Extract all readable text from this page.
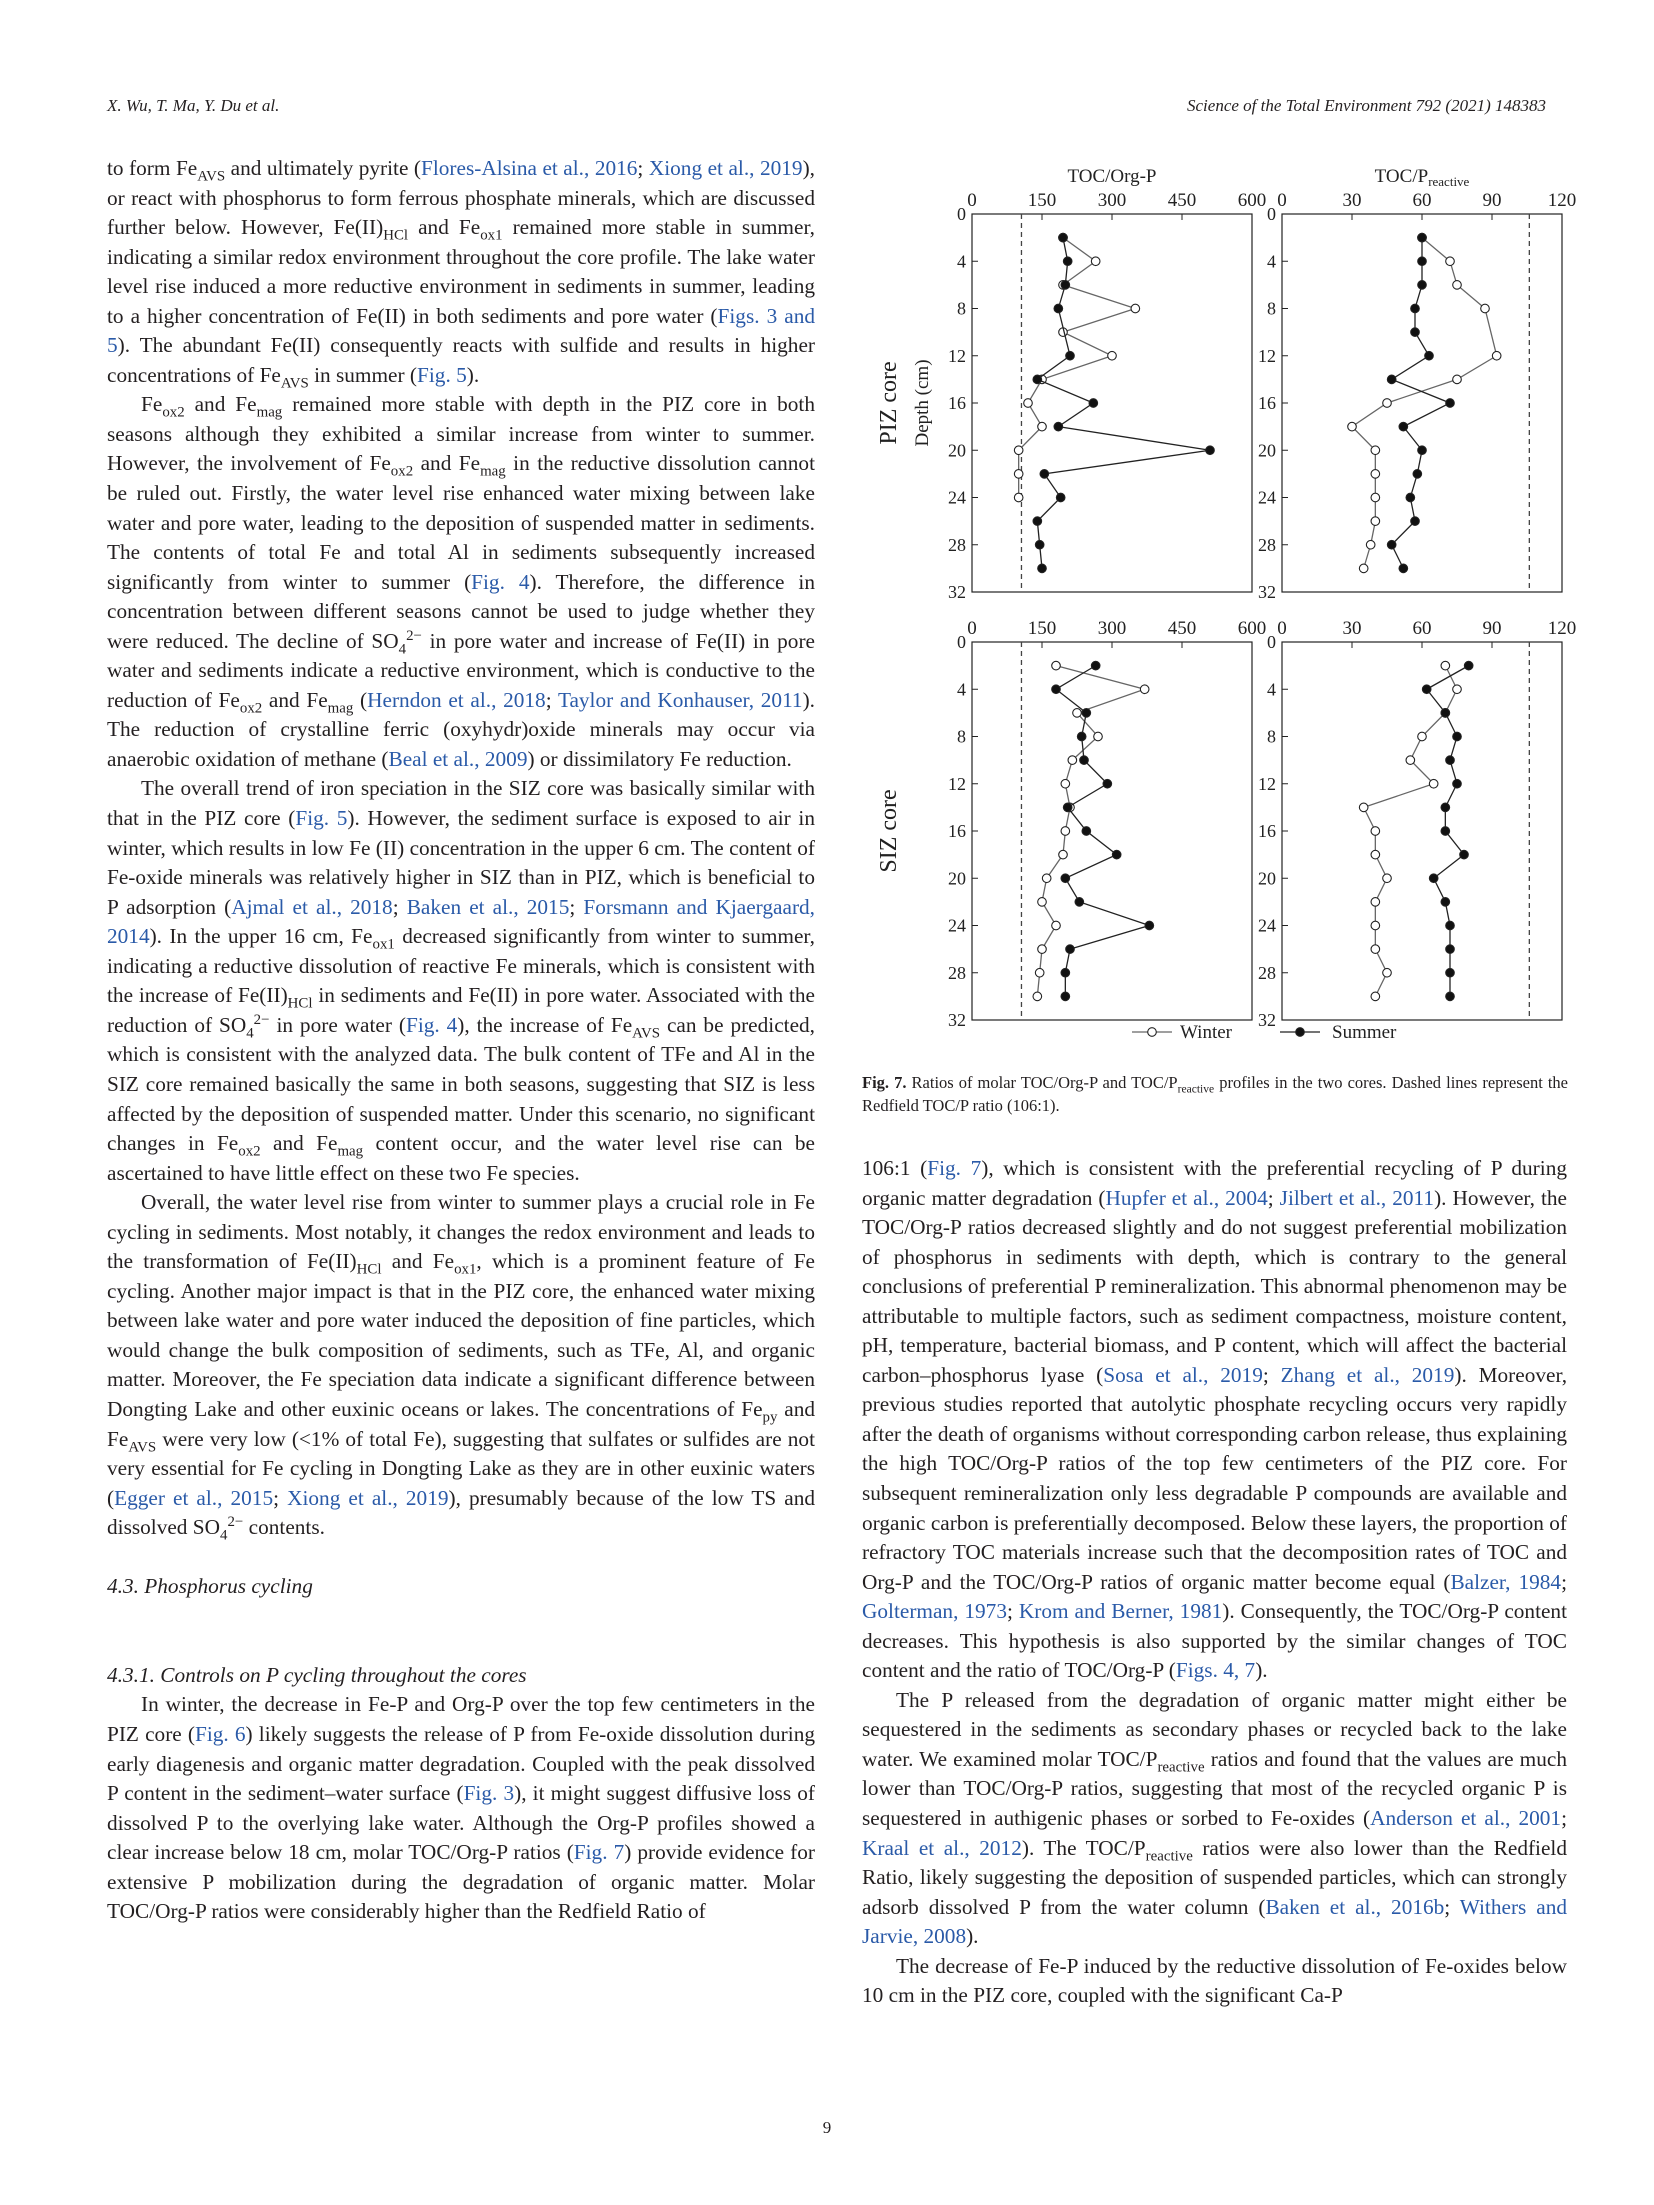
X. Wu, T. Ma, Y. Du et al.	Science of the Total Environment 792 (2021) 148383

to form $Fe_{AVS}$ and ultimately pyrite (Flores-Alsina et al., 2016; Xiong et al., 2019), or react with phosphorus to form ferrous phosphate minerals, which are discussed further below. However, $Fe(II)_{HCl}$ and $Fe_{ox1}$ remained more stable in summer, indicating a similar redox environment throughout the core profile. The lake water level rise induced a more reductive environment in sediments in summer, leading to a higher concentration of Fe(II) in both sediments and pore water (Figs. 3 and 5). The abundant Fe(II) consequently reacts with sulfide and results in higher concentrations of $Fe_{AVS}$ in summer (Fig. 5).

$Fe_{ox2}$ and $Fe_{mag}$ remained more stable with depth in the PIZ core in both seasons although they exhibited a similar increase from winter to summer. However, the involvement of $Fe_{ox2}$ and $Fe_{mag}$ in the reductive dissolution cannot be ruled out. Firstly, the water level rise enhanced water mixing between lake water and pore water, leading to the deposition of suspended matter in sediments. The contents of total Fe and total Al in sediments subsequently increased significantly from winter to summer (Fig. 4). Therefore, the difference in concentration between different seasons cannot be used to judge whether they were reduced. The decline of $SO_4^{2-}$ in pore water and increase of Fe(II) in pore water and sediments indicate a reductive environment, which is conductive to the reduction of $Fe_{ox2}$ and $Fe_{mag}$ (Herndon et al., 2018; Taylor and Konhauser, 2011). The reduction of crystalline ferric (oxyhydr)oxide minerals may occur via anaerobic oxidation of methane (Beal et al., 2009) or dissimilatory Fe reduction.

The overall trend of iron speciation in the SIZ core was basically similar with that in the PIZ core (Fig. 5). However, the sediment surface is exposed to air in winter, which results in low Fe (II) concentration in the upper 6 cm. The content of Fe-oxide minerals was relatively higher in SIZ than in PIZ, which is beneficial to P adsorption (Ajmal et al., 2018; Baken et al., 2015; Forsmann and Kjaergaard, 2014). In the upper 16 cm, $Fe_{ox1}$ decreased significantly from winter to summer, indicating a reductive dissolution of reactive Fe minerals, which is consistent with the increase of $Fe(II)_{HCl}$ in sediments and Fe(II) in pore water. Associated with the reduction of $SO_4^{2-}$ in pore water (Fig. 4), the increase of $Fe_{AVS}$ can be predicted, which is consistent with the analyzed data. The bulk content of TFe and Al in the SIZ core remained basically the same in both seasons, suggesting that SIZ is less affected by the deposition of suspended matter. Under this scenario, no significant changes in $Fe_{ox2}$ and $Fe_{mag}$ content occur, and the water level rise can be ascertained to have little effect on these two Fe species.

Overall, the water level rise from winter to summer plays a crucial role in Fe cycling in sediments. Most notably, it changes the redox environment and leads to the transformation of $Fe(II)_{HCl}$ and $Fe_{ox1}$, which is a prominent feature of Fe cycling. Another major impact is that in the PIZ core, the enhanced water mixing between lake water and pore water induced the deposition of fine particles, which would change the bulk composition of sediments, such as TFe, Al, and organic matter. Moreover, the Fe speciation data indicate a significant difference between Dongting Lake and other euxinic oceans or lakes. The concentrations of $Fe_{py}$ and $Fe_{AVS}$ were very low (<1% of total Fe), suggesting that sulfates or sulfides are not very essential for Fe cycling in Dongting Lake as they are in other euxinic waters (Egger et al., 2015; Xiong et al., 2019), presumably because of the low TS and dissolved $SO_4^{2-}$ contents.

4.3. Phosphorus cycling

4.3.1. Controls on P cycling throughout the cores

In winter, the decrease in Fe-P and Org-P over the top few centimeters in the PIZ core (Fig. 6) likely suggests the release of P from Fe-oxide dissolution during early diagenesis and organic matter degradation. Coupled with the peak dissolved P content in the sediment–water surface (Fig. 3), it might suggest diffusive loss of dissolved P to the overlying lake water. Although the Org-P profiles showed a clear increase below 18 cm, molar TOC/Org-P ratios (Fig. 7) provide evidence for extensive P mobilization during the degradation of organic matter. Molar TOC/Org-P ratios were considerably higher than the Redfield Ratio of

0	150 300 450 600
0
4
8
12
16
20
24
28
32
TOC/Org-P
Depth (cm)
0	30	60	90 120
0
4
8
12
16
20
24
28
32
TOC/$P_{reactive}$
0	150 300 450 600
0
4
8
12
16
20
24
28
32
0	30	60	90 120
0
4
8
12
16
20
24
28
32
PIZ core
SIZ core
Winter	Summer
Fig. 7. Ratios of molar TOC/Org-P and TOC/$P_{reactive}$ profiles in the two cores. Dashed lines represent the Redfield TOC/P ratio (106:1).

106:1 (Fig. 7), which is consistent with the preferential recycling of P during organic matter degradation (Hupfer et al., 2004; Jilbert et al., 2011). However, the TOC/Org-P ratios decreased slightly and do not suggest preferential mobilization of phosphorus in sediments with depth, which is contrary to the general conclusions of preferential P remineralization. This abnormal phenomenon may be attributable to multiple factors, such as sediment compactness, moisture content, pH, temperature, bacterial biomass, and P content, which will affect the bacterial carbon–phosphorus lyase (Sosa et al., 2019; Zhang et al., 2019). Moreover, previous studies reported that autolytic phosphate recycling occurs very rapidly after the death of organisms without corresponding carbon release, thus explaining the high TOC/Org-P ratios of the top few centimeters of the PIZ core. For subsequent remineralization only less degradable P compounds are available and organic carbon is preferentially decomposed. Below these layers, the proportion of refractory TOC materials increase such that the decomposition rates of TOC and Org-P and the TOC/Org-P ratios of organic matter become equal (Balzer, 1984; Golterman, 1973; Krom and Berner, 1981). Consequently, the TOC/Org-P content decreases. This hypothesis is also supported by the similar changes of TOC content and the ratio of TOC/Org-P (Figs. 4, 7).

The P released from the degradation of organic matter might either be sequestered in the sediments as secondary phases or recycled back to the lake water. We examined molar TOC/$P_{reactive}$ ratios and found that the values are much lower than TOC/Org-P ratios, suggesting that most of the recycled organic P is sequestered in authigenic phases or sorbed to Fe-oxides (Anderson et al., 2001; Kraal et al., 2012). The TOC/$P_{reactive}$ ratios were also lower than the Redfield Ratio, likely suggesting the deposition of suspended particles, which can strongly adsorb dissolved P from the water column (Baken et al., 2016b; Withers and Jarvie, 2008).

The decrease of Fe-P induced by the reductive dissolution of Fe-oxides below 10 cm in the PIZ core, coupled with the significant Ca-P

9
